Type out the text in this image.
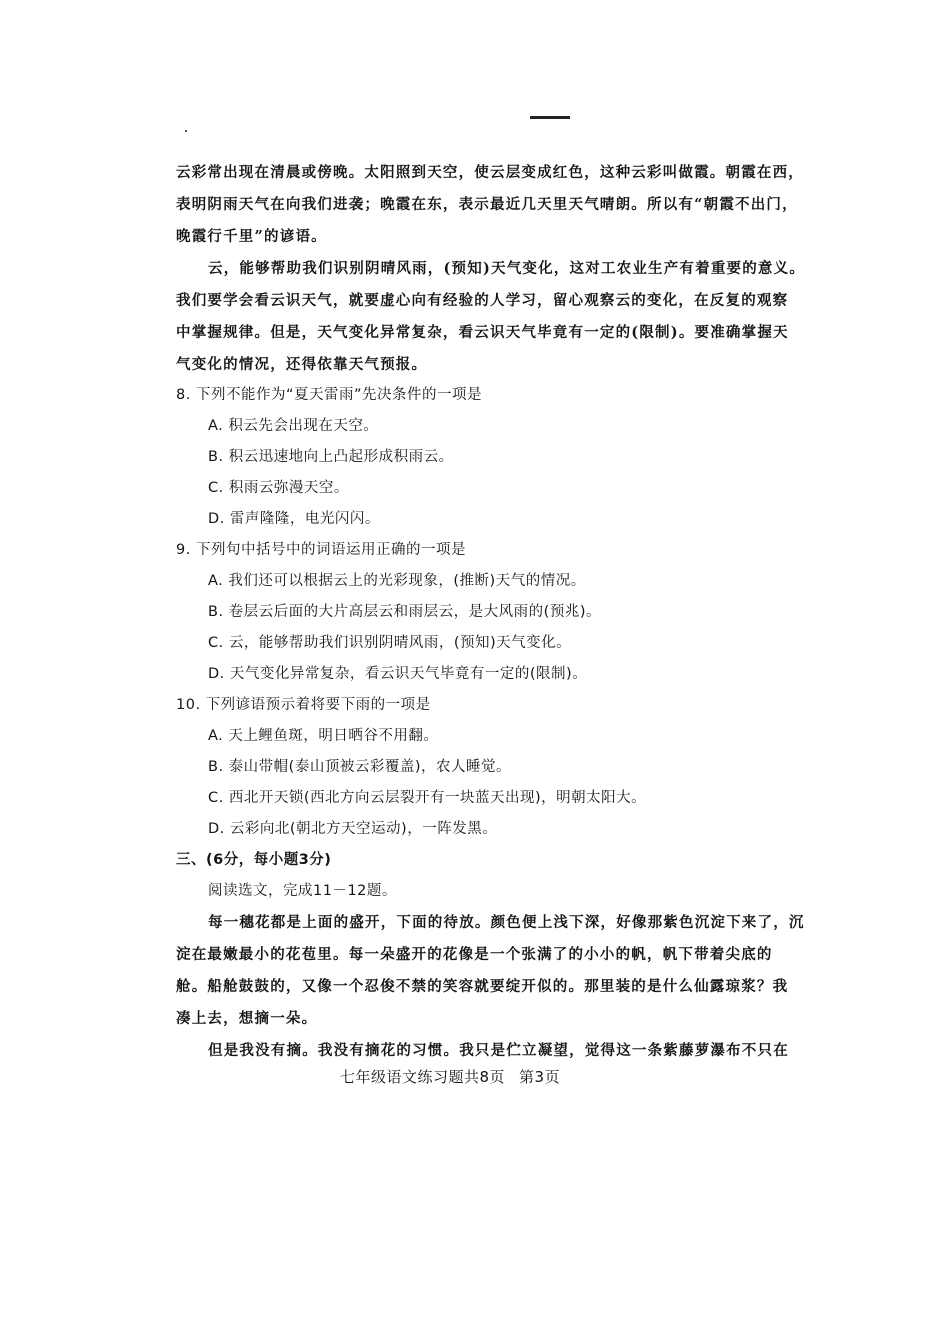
云彩常出现在清晨或傍晚。太阳照到天空，使云层变成红色，这种云彩叫做霞。朝霞在西，
表明阴雨天气在向我们进袭；晚霞在东，表示最近几天里天气晴朗。所以有“朝霞不出门，
晚霞行千里”的谚语。
云，能够帮助我们识别阴晴风雨，(预知)天气变化，这对工农业生产有着重要的意义。
我们要学会看云识天气，就要虚心向有经验的人学习，留心观察云的变化，在反复的观察
中掌握规律。但是，天气变化异常复杂，看云识天气毕竟有一定的(限制)。要准确掌握天
气变化的情况，还得依靠天气预报。
8. 下列不能作为“夏天雷雨”先决条件的一项是
A. 积云先会出现在天空。
B. 积云迅速地向上凸起形成积雨云。
C. 积雨云弥漫天空。
D. 雷声隆隆，电光闪闪。
9. 下列句中括号中的词语运用正确的一项是
A. 我们还可以根据云上的光彩现象，(推断)天气的情况。
B. 卷层云后面的大片高层云和雨层云，是大风雨的(预兆)。
C. 云，能够帮助我们识别阴晴风雨，(预知)天气变化。
D. 天气变化异常复杂，看云识天气毕竟有一定的(限制)。
10. 下列谚语预示着将要下雨的一项是
A. 天上鲤鱼斑，明日晒谷不用翻。
B. 泰山带帽(泰山顶被云彩覆盖)，农人睡觉。
C. 西北开天锁(西北方向云层裂开有一块蓝天出现)，明朝太阳大。
D. 云彩向北(朝北方天空运动)，一阵发黑。
三、(6分，每小题3分)
阅读选文，完成11－12题。
每一穗花都是上面的盛开，下面的待放。颜色便上浅下深，好像那紫色沉淀下来了，沉
淀在最嫩最小的花苞里。每一朵盛开的花像是一个张满了的小小的帆，帆下带着尖底的
舱。船舱鼓鼓的，又像一个忍俊不禁的笑容就要绽开似的。那里装的是什么仙露琼浆？我
凑上去，想摘一朵。
但是我没有摘。我没有摘花的习惯。我只是伫立凝望，觉得这一条紫藤萝瀑布不只在
七年级语文练习题共8页 第3页
